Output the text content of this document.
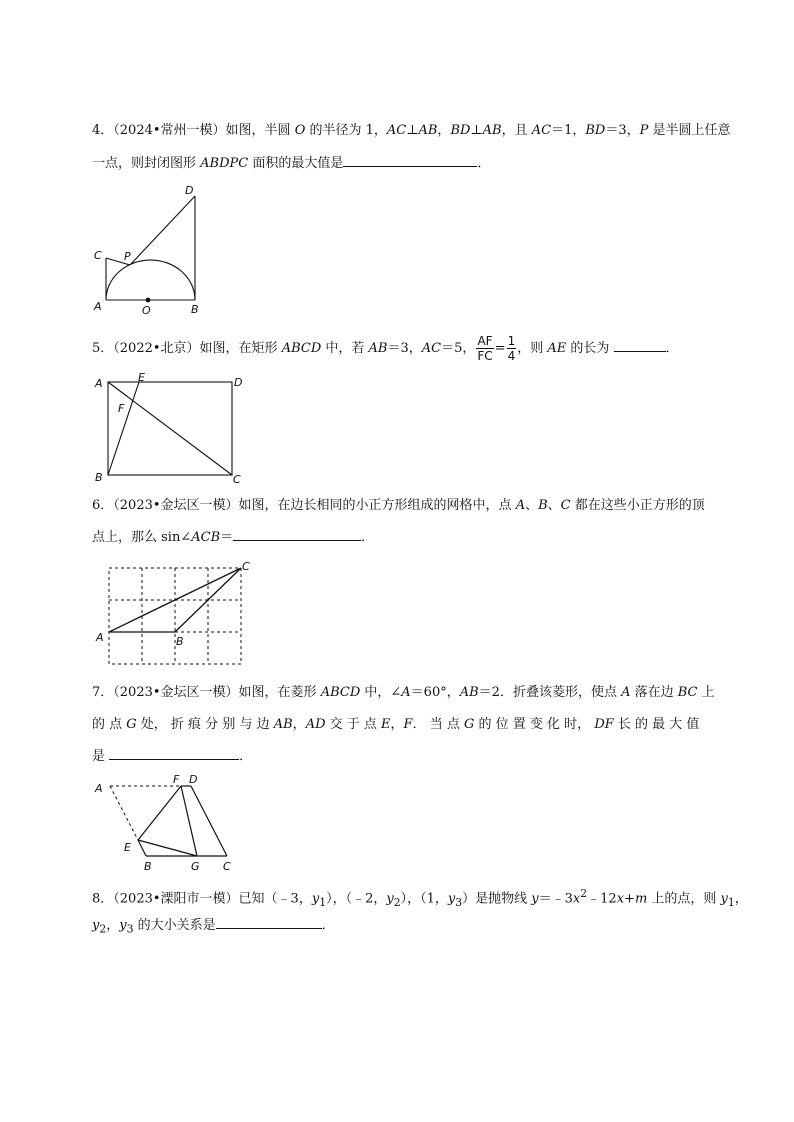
4．（2024•常州一模）如图，半圆 O 的半径为 1，AC⊥AB，BD⊥AB，且 AC＝1，BD＝3，P 是半圆上任意
一点，则封闭图形 ABDPC 面积的最大值是	．
A	B
C
D
P
O
5．（2022•北京）如图，在矩形 ABCD 中，若 AB＝3，AC＝5， $\frac{AF}{FC} = \frac{1}{4}$ ，则 AE 的长为	．
A	E	D
F
B	C
6．（2023•金坛区一模）如图，在边长相同的小正方形组成的网格中，点 A、B、C 都在这些小正方形的顶
点上，那么 sin∠ACB＝	．
A	B
C
7．（2023•金坛区一模）如图，在菱形 ABCD 中，∠A＝60°，AB＝2．折叠该菱形，使点 A 落在边 BC 上
的 点 G 处， 折 痕 分 别 与 边 AB，AD 交 于 点 E，F． 当 点 G 的 位 置 变 化 时， DF 长 的 最 大 值
是	．
A
F D
E
B	G C
8．（2023•溧阳市一模）已知（﹣3，$y_1$），（﹣2，$y_2$），（1，$y_3$）是抛物线 $y=﹣3x^2﹣12x+m$ 上的点，则 $y_1$，
$y_2$，$y_3$ 的大小关系是	．
